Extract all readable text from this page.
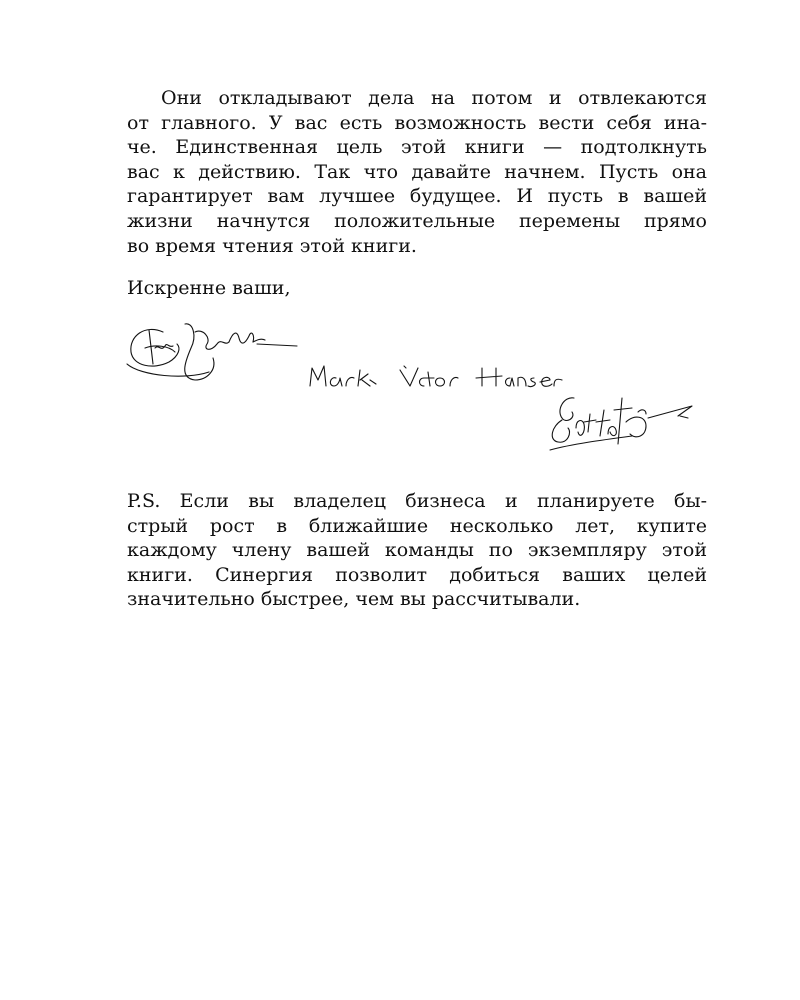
Они откладывают дела на потом и отвлекаются
от главного. У вас есть возможность вести себя ина-
че. Единственная цель этой книги — подтолкнуть
вас к действию. Так что давайте начнем. Пусть она
гарантирует вам лучшее будущее. И пусть в вашей
жизни начнутся положительные перемены прямо
во время чтения этой книги.

Искренне ваши,

P.S. Если вы владелец бизнеса и планируете бы-
стрый рост в ближайшие несколько лет, купите
каждому члену вашей команды по экземпляру этой
книги. Синергия позволит добиться ваших целей
значительно быстрее, чем вы рассчитывали.
